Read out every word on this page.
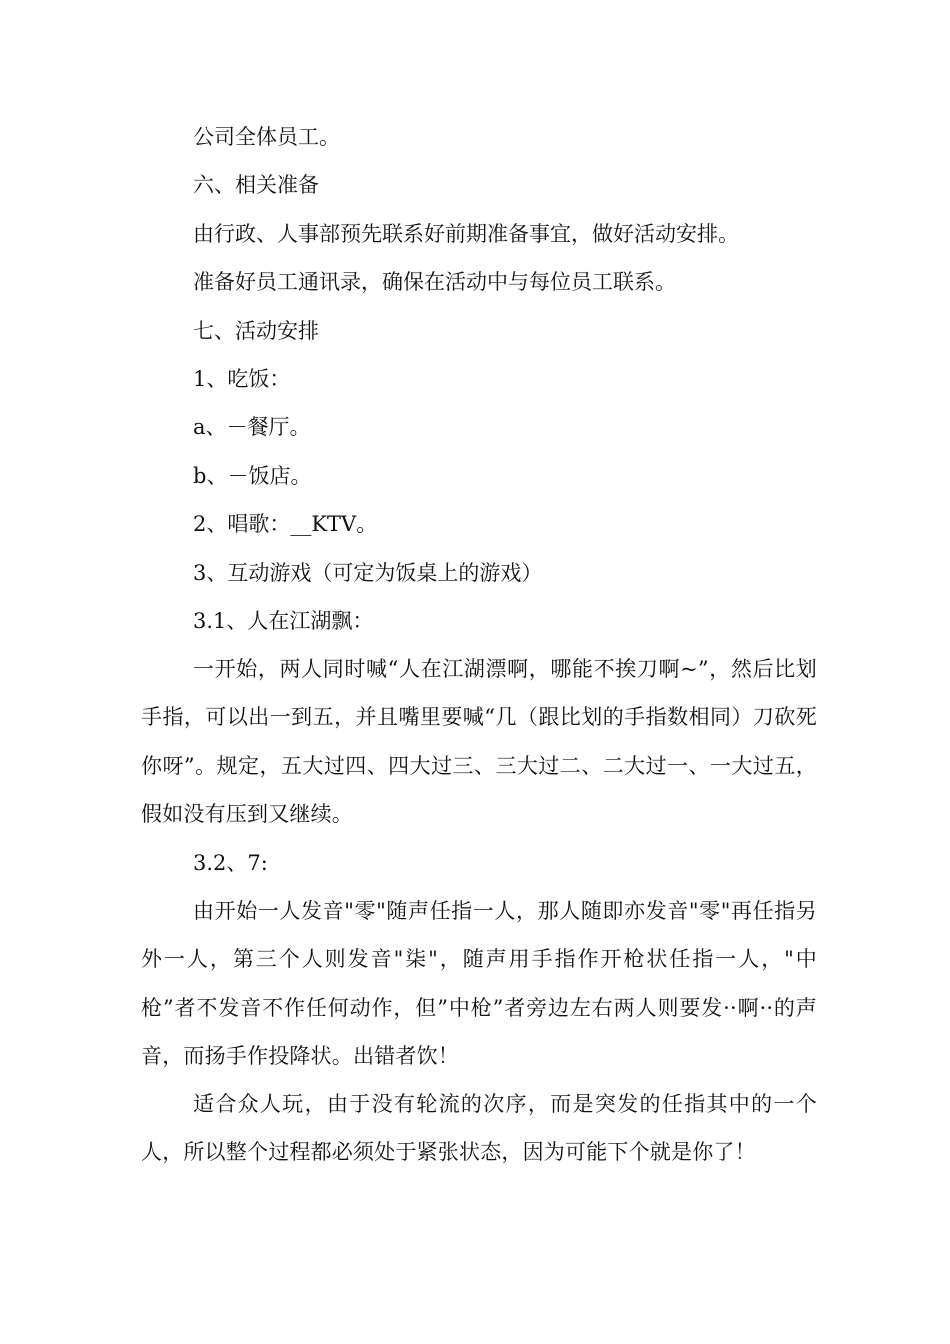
公司全体员工。
六、相关准备
由行政、人事部预先联系好前期准备事宜，做好活动安排。
准备好员工通讯录，确保在活动中与每位员工联系。
七、活动安排
1、吃饭：
a、－餐厅。
b、－饭店。
2、唱歌：__KTV。
3、互动游戏（可定为饭桌上的游戏）
3.1、人在江湖飘：
一开始，两人同时喊“人在江湖漂啊，哪能不挨刀啊~”，然后比划手指，可以出一到五，并且嘴里要喊“几（跟比划的手指数相同）刀砍死你呀”。规定，五大过四、四大过三、三大过二、二大过一、一大过五，假如没有压到又继续。
3.2、7:
由开始一人发音"零"随声任指一人，那人随即亦发音"零"再任指另外一人，第三个人则发音"柒"，随声用手指作开枪状任指一人，"中枪”者不发音不作任何动作，但”中枪”者旁边左右两人则要发··啊··的声音，而扬手作投降状。出错者饮！
适合众人玩，由于没有轮流的次序，而是突发的任指其中的一个人，所以整个过程都必须处于紧张状态，因为可能下个就是你了！
